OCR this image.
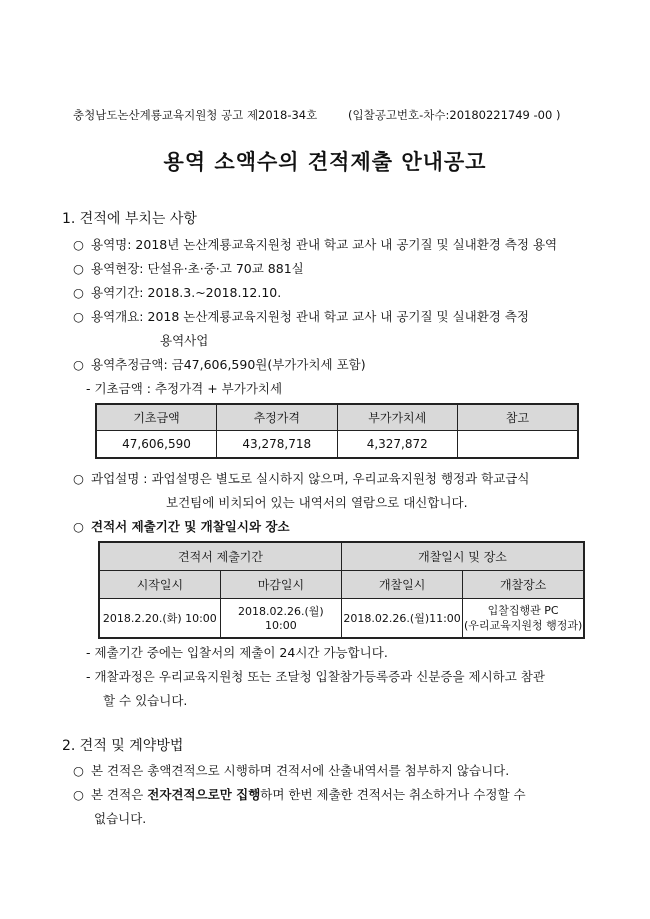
충청남도논산계룡교육지원청 공고 제2018-34호	(입찰공고번호-차수:20180221749 -00 )
용역 소액수의 견적제출 안내공고
1. 견적에 부치는 사항
○ 용역명: 2018년 논산계룡교육지원청 관내 학교 교사 내 공기질 및 실내환경 측정 용역
○ 용역현장: 단설유·초·중·고 70교 881실
○ 용역기간: 2018.3.~2018.12.10.
○ 용역개요: 2018 논산계룡교육지원청 관내 학교 교사 내 공기질 및 실내환경 측정
용역사업
○ 용역추정금액: 금47,606,590원(부가가치세 포함)
- 기초금액 : 추정가격 + 부가가치세
기초금액	추정가격	부가가치세	참고
47,606,590	43,278,718	4,327,872	
○ 과업설명 : 과업설명은 별도로 실시하지 않으며, 우리교육지원청 행정과 학교급식
보건팀에 비치되어 있는 내역서의 열람으로 대신합니다.
○ 견적서 제출기간 및 개찰일시와 장소
견적서 제출기간		개찰일시 및 장소	
시작일시	마감일시	개찰일시	개찰장소
2018.2.20.(화) 10:00	2018.02.26.(월) 10:00	2018.02.26.(월)11:00	입찰집행관 PC
(우리교육지원청 행정과)
- 제출기간 중에는 입찰서의 제출이 24시간 가능합니다.
- 개찰과정은 우리교육지원청 또는 조달청 입찰참가등록증과 신분증을 제시하고 참관
할 수 있습니다.
2. 견적 및 계약방법
○ 본 견적은 총액견적으로 시행하며 견적서에 산출내역서를 첨부하지 않습니다.
○ 본 견적은 전자견적으로만 집행하며 한번 제출한 견적서는 취소하거나 수정할 수
없습니다.
